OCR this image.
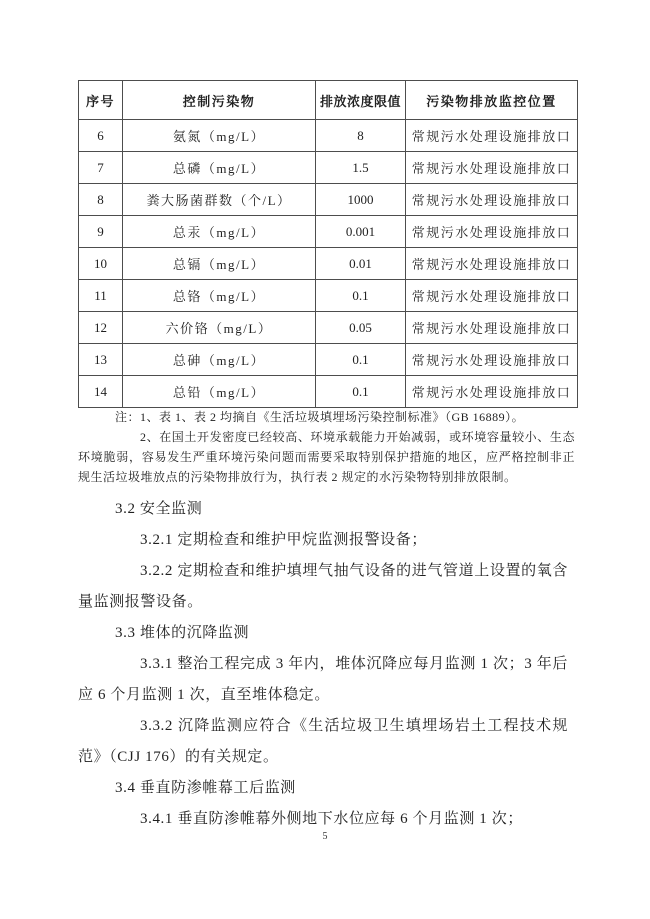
序号	控制污染物	排放浓度限值	污染物排放监控位置
6	氨氮（mg/L）	8	常规污水处理设施排放口
7	总磷（mg/L）	1.5	常规污水处理设施排放口
8	粪大肠菌群数（个/L）	1000	常规污水处理设施排放口
9	总汞（mg/L）	0.001	常规污水处理设施排放口
10	总镉（mg/L）	0.01	常规污水处理设施排放口
11	总铬（mg/L）	0.1	常规污水处理设施排放口
12	六价铬（mg/L）	0.05	常规污水处理设施排放口
13	总砷（mg/L）	0.1	常规污水处理设施排放口
14	总铅（mg/L）	0.1	常规污水处理设施排放口

注：1、表 1、表 2 均摘自《生活垃圾填埋场污染控制标准》（GB 16889）。

2、在国土开发密度已经较高、环境承载能力开始减弱，或环境容量较小、生态环境脆弱，容易发生严重环境污染问题而需要采取特别保护措施的地区，应严格控制非正规生活垃圾堆放点的污染物排放行为，执行表 2 规定的水污染物特别排放限制。

3.2 安全监测

3.2.1 定期检查和维护甲烷监测报警设备；

3.2.2 定期检查和维护填埋气抽气设备的进气管道上设置的氧含量监测报警设备。

3.3 堆体的沉降监测

3.3.1 整治工程完成 3 年内，堆体沉降应每月监测 1 次；3 年后应 6 个月监测 1 次，直至堆体稳定。

3.3.2 沉降监测应符合《生活垃圾卫生填埋场岩土工程技术规范》（CJJ 176）的有关规定。

3.4 垂直防渗帷幕工后监测

3.4.1 垂直防渗帷幕外侧地下水位应每 6 个月监测 1 次；

5
